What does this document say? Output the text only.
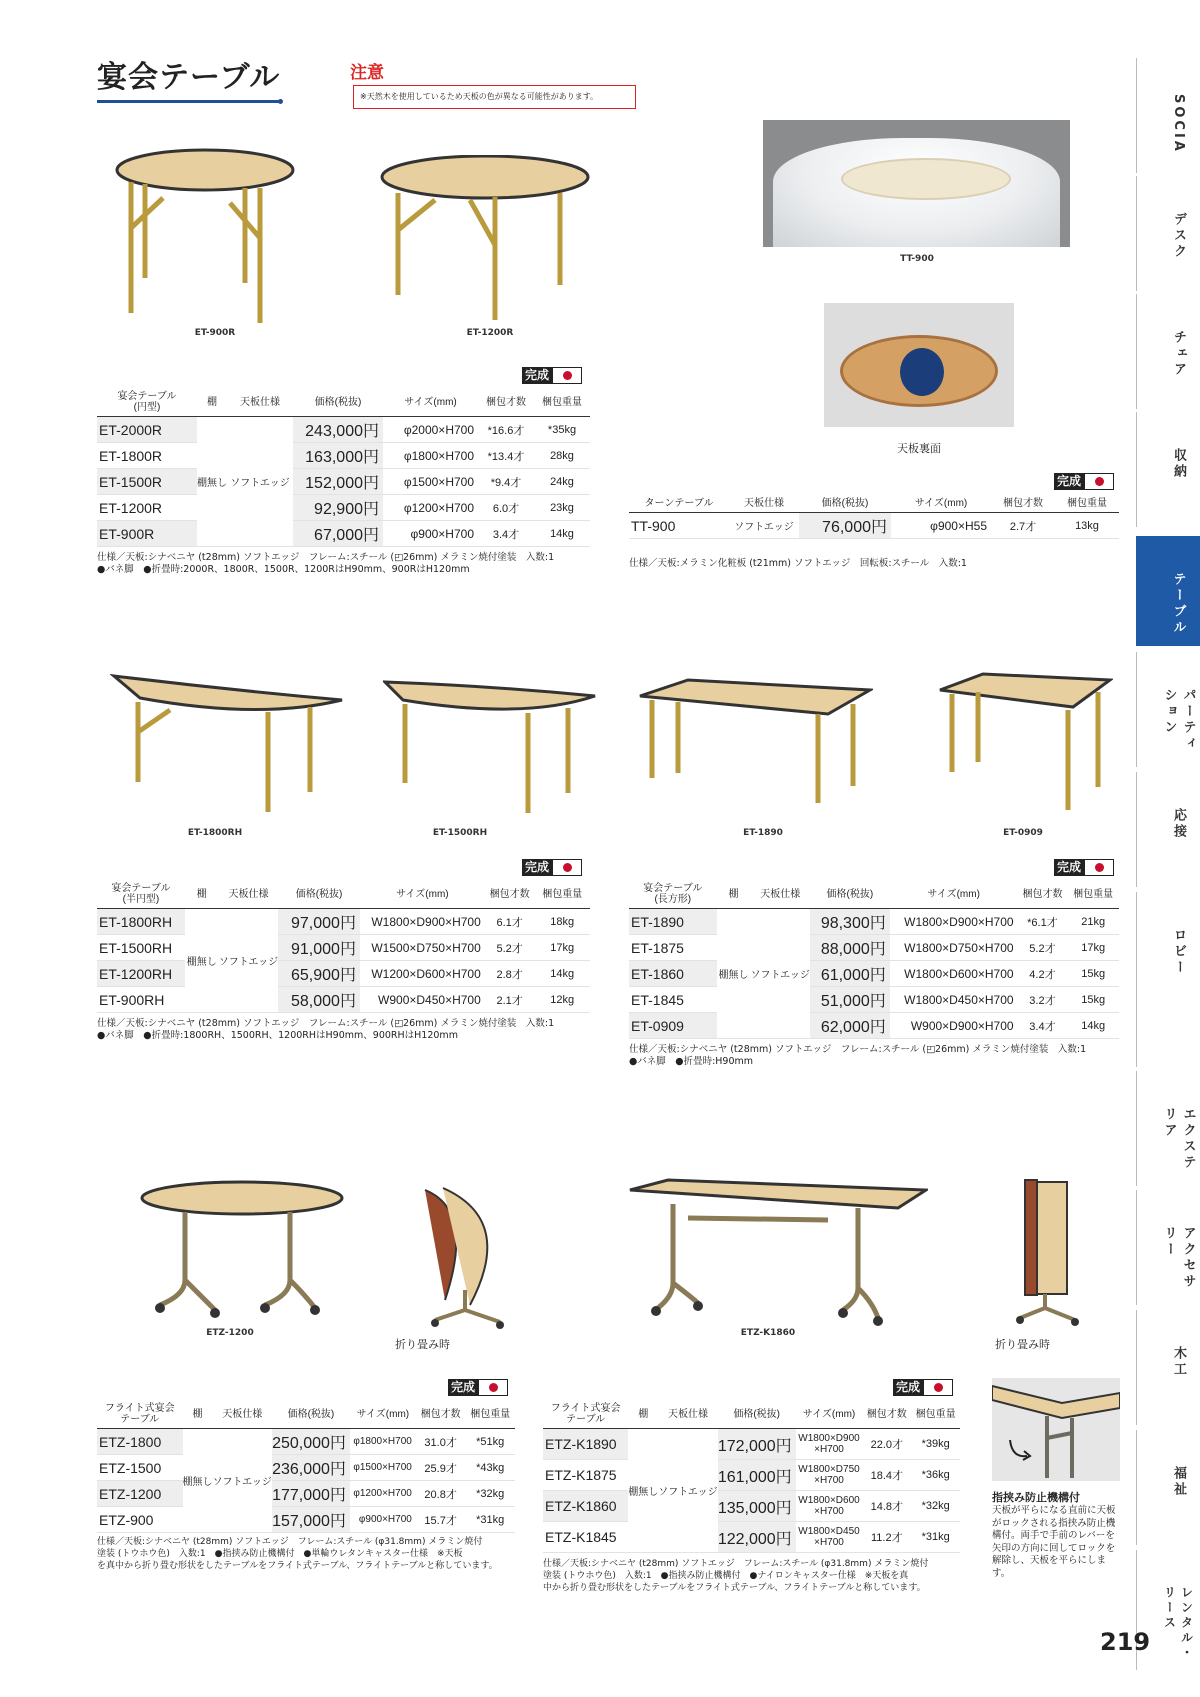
宴会テーブル	注意
※天然木を使用しているため天板の色が異なる可能性があります。	SOCIA
デスク
チェア
収納
テーブル
パーティション
応接
ロビー
エクステリア
アクセサリー
木工
福祉
レンタル・リース
219
ET-900R	ET-1200R
完成
宴会テーブル
(円型)	棚	天板仕様	価格(税抜)	サイズ(mm)	梱包才数	梱包重量
ET-2000R	棚無し	ソフトエッジ	243,000円	φ2000×H700	*16.6才	*35kg
ET-1800R			163,000円	φ1800×H700	*13.4才	28kg
ET-1500R			152,000円	φ1500×H700	*9.4才	24kg
ET-1200R			92,900円	φ1200×H700	6.0才	23kg
ET-900R			67,000円	φ900×H700	3.4才	14kg
仕様／天板:シナベニヤ (t28mm) ソフトエッジ　フレーム:スチール (◰26mm) メラミン焼付塗装　入数:1
●バネ脚　●折畳時:2000R、1800R、1500R、1200RはH90mm、900RはH120mm
TT-900
天板裏面
完成
ターンテーブル	天板仕様	価格(税抜)	サイズ(mm)	梱包才数	梱包重量
TT-900	ソフトエッジ	76,000円	φ900×H55	2.7才	13kg
仕様／天板:メラミン化粧板 (t21mm) ソフトエッジ　回転板:スチール　入数:1
ET-1800RH	ET-1500RH
完成
宴会テーブル
(半円型)	棚	天板仕様	価格(税抜)	サイズ(mm)	梱包才数	梱包重量
ET-1800RH	棚無し	ソフトエッジ	97,000円	W1800×D900×H700	6.1才	18kg
ET-1500RH			91,000円	W1500×D750×H700	5.2才	17kg
ET-1200RH			65,900円	W1200×D600×H700	2.8才	14kg
ET-900RH			58,000円	W900×D450×H700	2.1才	12kg
仕様／天板:シナベニヤ (t28mm) ソフトエッジ　フレーム:スチール (◰26mm) メラミン焼付塗装　入数:1
●バネ脚　●折畳時:1800RH、1500RH、1200RHはH90mm、900RHはH120mm
ET-1890	ET-0909
完成
宴会テーブル
(長方形)	棚	天板仕様	価格(税抜)	サイズ(mm)	梱包才数	梱包重量
ET-1890	棚無し	ソフトエッジ	98,300円	W1800×D900×H700	*6.1才	21kg
ET-1875			88,000円	W1800×D750×H700	5.2才	17kg
ET-1860			61,000円	W1800×D600×H700	4.2才	15kg
ET-1845			51,000円	W1800×D450×H700	3.2才	15kg
ET-0909			62,000円	W900×D900×H700	3.4才	14kg
仕様／天板:シナベニヤ (t28mm) ソフトエッジ　フレーム:スチール (◰26mm) メラミン焼付塗装　入数:1
●バネ脚　●折畳時:H90mm
ETZ-1200
折り畳み時
完成
フライト式宴会
テーブル	棚	天板仕様	価格(税抜)	サイズ(mm)	梱包才数	梱包重量
ETZ-1800	棚無し	ソフトエッジ	250,000円	φ1800×H700	31.0才	*51kg
ETZ-1500			236,000円	φ1500×H700	25.9才	*43kg
ETZ-1200			177,000円	φ1200×H700	20.8才	*32kg
ETZ-900			157,000円	φ900×H700	15.7才	*31kg
仕様／天板:シナベニヤ (t28mm) ソフトエッジ　フレーム:スチール (φ31.8mm) メラミン焼付
塗装 (トウホウ色)　入数:1　●指挟み防止機構付　●単輪ウレタンキャスター仕様　※天板
を真中から折り畳む形状をしたテーブルをフライト式テーブル、フライトテーブルと称しています。
ETZ-K1860
折り畳み時
完成
フライト式宴会
テーブル	棚	天板仕様	価格(税抜)	サイズ(mm)	梱包才数	梱包重量
ETZ-K1890	棚無し	ソフトエッジ	172,000円	W1800×D900
×H700	22.0才	*39kg
ETZ-K1875			161,000円	W1800×D750
×H700	18.4才	*36kg
ETZ-K1860			135,000円	W1800×D600
×H700	14.8才	*32kg
ETZ-K1845			122,000円	W1800×D450
×H700	11.2才	*31kg
仕様／天板:シナベニヤ (t28mm) ソフトエッジ　フレーム:スチール (φ31.8mm) メラミン焼付
塗装 (トウホウ色)　入数:1　●指挟み防止機構付　●ナイロンキャスター仕様　※天板を真
中から折り畳む形状をしたテーブルをフライト式テーブル、フライトテーブルと称しています。
指挟み防止機構付
天板が平らになる直前に天板がロックされる指挟み防止機構付。両手で手前のレバーを矢印の方向に回してロックを解除し、天板を平らにします。
